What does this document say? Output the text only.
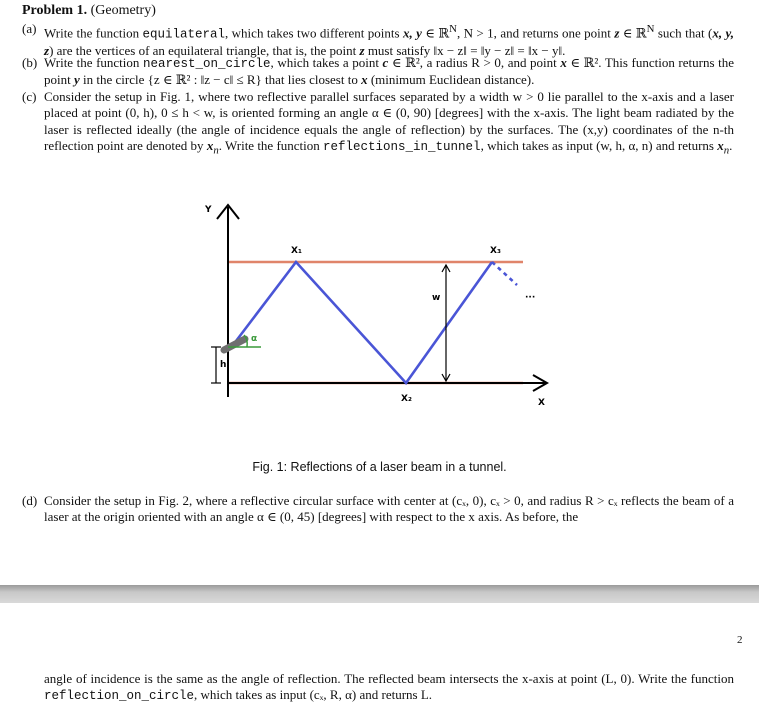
Problem 1. (Geometry)
(a) Write the function equilateral, which takes two different points x, y ∈ ℝ$^N$, N > 1, and returns one point z ∈ ℝ$^N$ such that (x, y, z) are the vertices of an equilateral triangle, that is, the point z must satisfy ‖x − z‖ = ‖y − z‖ = ‖x − y‖.
(b) Write the function nearest_on_circle, which takes a point c ∈ ℝ², a radius R > 0, and point x ∈ ℝ². This function returns the point y in the circle {z ∈ ℝ² : ‖z − c‖ ≤ R} that lies closest to x (minimum Euclidean distance).
(c) Consider the setup in Fig. 1, where two reflective parallel surfaces separated by a width w > 0 lie parallel to the x-axis and a laser placed at point (0, h), 0 ≤ h < w, is oriented forming an angle α ∈ (0, 90) [degrees] with the x-axis. The light beam radiated by the laser is reflected ideally (the angle of incidence equals the angle of reflection) by the surfaces. The (x,y) coordinates of the n-th reflection point are denoted by $x_n$. Write the function reflections_in_tunnel, which takes as input (w, h, α, n) and returns $x_n$.
···
α
h
w
Y
X
X₁
X₂
X₃
Fig. 1: Reflections of a laser beam in a tunnel.
(d) Consider the setup in Fig. 2, where a reflective circular surface with center at (cₓ, 0), cₓ > 0, and radius R > cₓ reflects the beam of a laser at the origin oriented with an angle α ∈ (0, 45) [degrees] with respect to the x axis. As before, the
2
angle of incidence is the same as the angle of reflection. The reflected beam intersects the x-axis at point (L, 0). Write the function reflection_on_circle, which takes as input (cₓ, R, α) and returns L.
